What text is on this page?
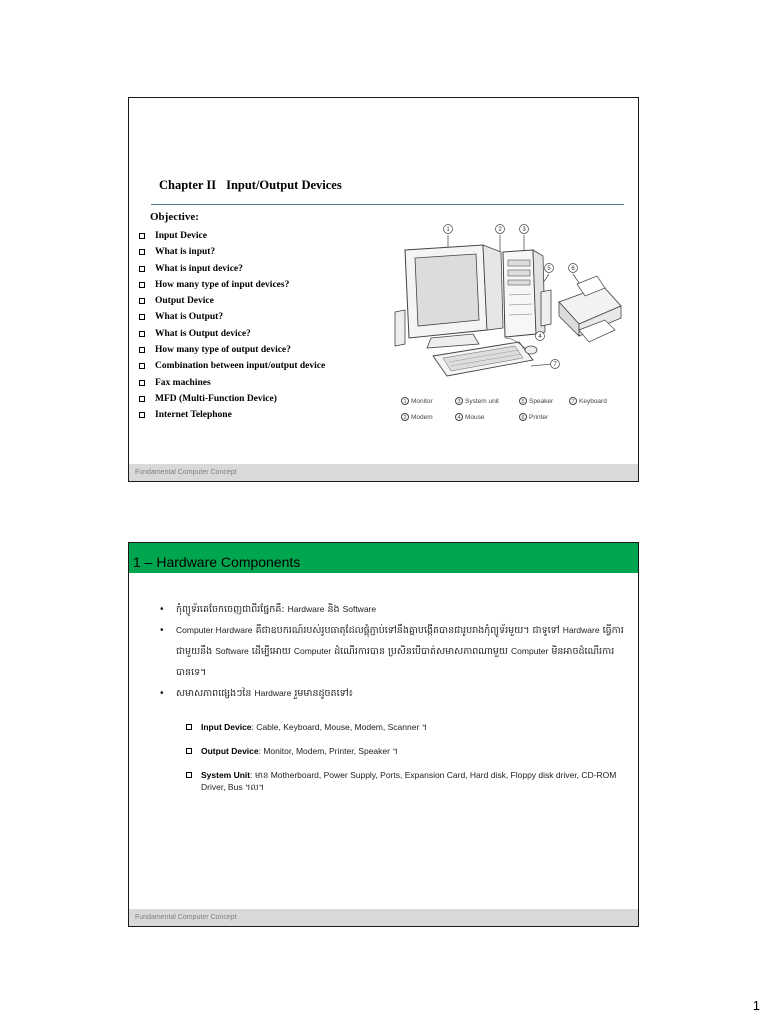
Chapter II Input/Output Devices
Objective:
Input Device
What is input?
What is input device?
How many type of input devices?
Output Device
What is Output?
What is Output device?
How many type of output device?
Combination between input/output device
Fax machines
MFD (Multi-Function Device)
Internet Telephone
1	2	3
4
5	6
7
1 Monitor	3 System unit	5 Speaker	7 Keyboard
2 Modem	4 Mouse	6 Printer
Fundamental Computer Concept
1 – Hardware Components
• កុំព្យូទ័រគេចែកចេញជាពីរផ្នែកគឺ: Hardware និង Software
• Computer Hardware គឺជាឧបករណ៍របស់រូបធាតុដែលផ្គុំភ្ជាប់ទៅនឹងគ្នាបង្កើតបានជារូបរាងកុំព្យូទ័រមួយ។ ជាទូទៅ Hardware ធ្វើការជាមួយនឹង Software ដើម្បីអោយ Computer ដំណើរការបាន ប្រសិនបើបាត់សមាសភាពណាមួយ Computer មិនអាចដំណើរការបានទេ។
• សមាសភាពផ្សេងៗនៃ Hardware រួមមានដូចតទៅ៖
Input Device: Cable, Keyboard, Mouse, Modem, Scanner ។
Output Device: Monitor, Modem, Printer, Speaker ។
System Unit: មាន Motherboard, Power Supply, Ports, Expansion Card, Hard disk, Floppy disk driver, CD-ROM Driver, Bus ។ល។
Fundamental Computer Concept
1
